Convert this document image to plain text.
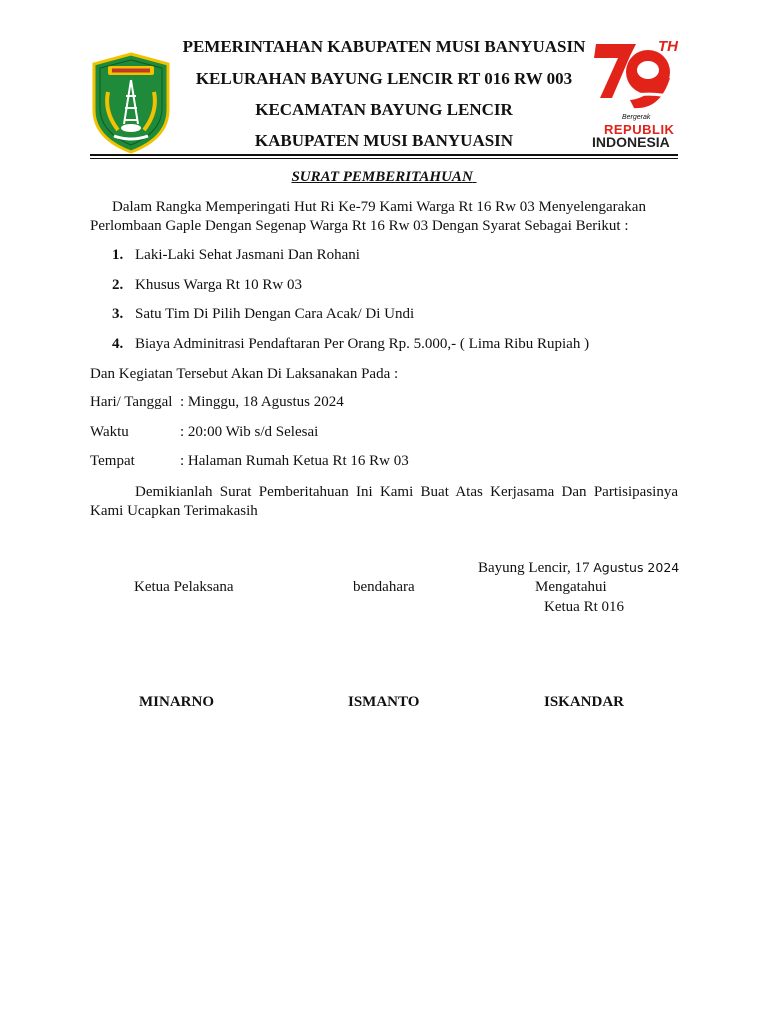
PEMERINTAHAN KABUPATEN MUSI BANYUASIN
KELURAHAN BAYUNG LENCIR RT 016 RW 003
KECAMATAN BAYUNG LENCIR
KABUPATEN MUSI BANYUASIN
TH
Bergerak
REPUBLIK
INDONESIA
SURAT PEMBERITAHUAN
Dalam Rangka Memperingati Hut Ri Ke-79 Kami Warga Rt 16 Rw 03 Menyelengarakan Perlombaan Gaple Dengan Segenap Warga Rt 16 Rw 03 Dengan Syarat Sebagai Berikut :
1. Laki-Laki Sehat Jasmani Dan Rohani
2. Khusus Warga Rt 10 Rw 03
3. Satu Tim Di Pilih Dengan Cara Acak/ Di Undi
4. Biaya Adminitrasi Pendaftaran Per Orang Rp. 5.000,- ( Lima Ribu Rupiah )
Dan Kegiatan Tersebut Akan Di Laksanakan Pada :
Hari/ Tanggal : Minggu, 18 Agustus 2024
Waktu	: 20:00 Wib s/d Selesai
Tempat	: Halaman Rumah Ketua Rt 16 Rw 03
Demikianlah Surat Pemberitahuan Ini Kami Buat Atas Kerjasama Dan Partisipasinya Kami Ucapkan Terimakasih
Bayung Lencir, 17 Agustus 2024
Mengatahui
Ketua Pelaksana	bendahara
Ketua Rt 016
MINARNO	ISMANTO	ISKANDAR
